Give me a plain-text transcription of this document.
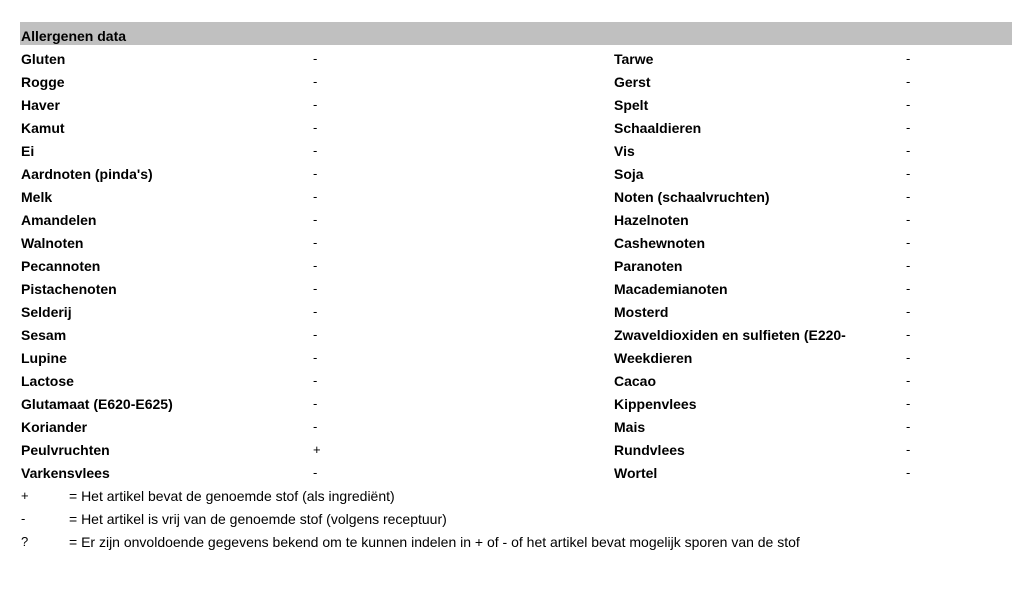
Allergenen data
Gluten	-	Tarwe	-
Rogge	-	Gerst	-
Haver	-	Spelt	-
Kamut	-	Schaaldieren	-
Ei	-	Vis	-
Aardnoten (pinda's)	-	Soja	-
Melk	-	Noten (schaalvruchten)	-
Amandelen	-	Hazelnoten	-
Walnoten	-	Cashewnoten	-
Pecannoten	-	Paranoten	-
Pistachenoten	-	Macademianoten	-
Selderij	-	Mosterd	-
Sesam	-	Zwaveldioxiden en sulfieten (E220-	-
Lupine	-	Weekdieren	-
Lactose	-	Cacao	-
Glutamaat (E620-E625)	-	Kippenvlees	-
Koriander	-	Mais	-
Peulvruchten	+	Rundvlees	-
Varkensvlees	-	Wortel	-
+	= Het artikel bevat de genoemde stof (als ingrediënt)
-	= Het artikel is vrij van de genoemde stof (volgens receptuur)
?	= Er zijn onvoldoende gegevens bekend om te kunnen indelen in + of - of het artikel bevat mogelijk sporen van de stof
